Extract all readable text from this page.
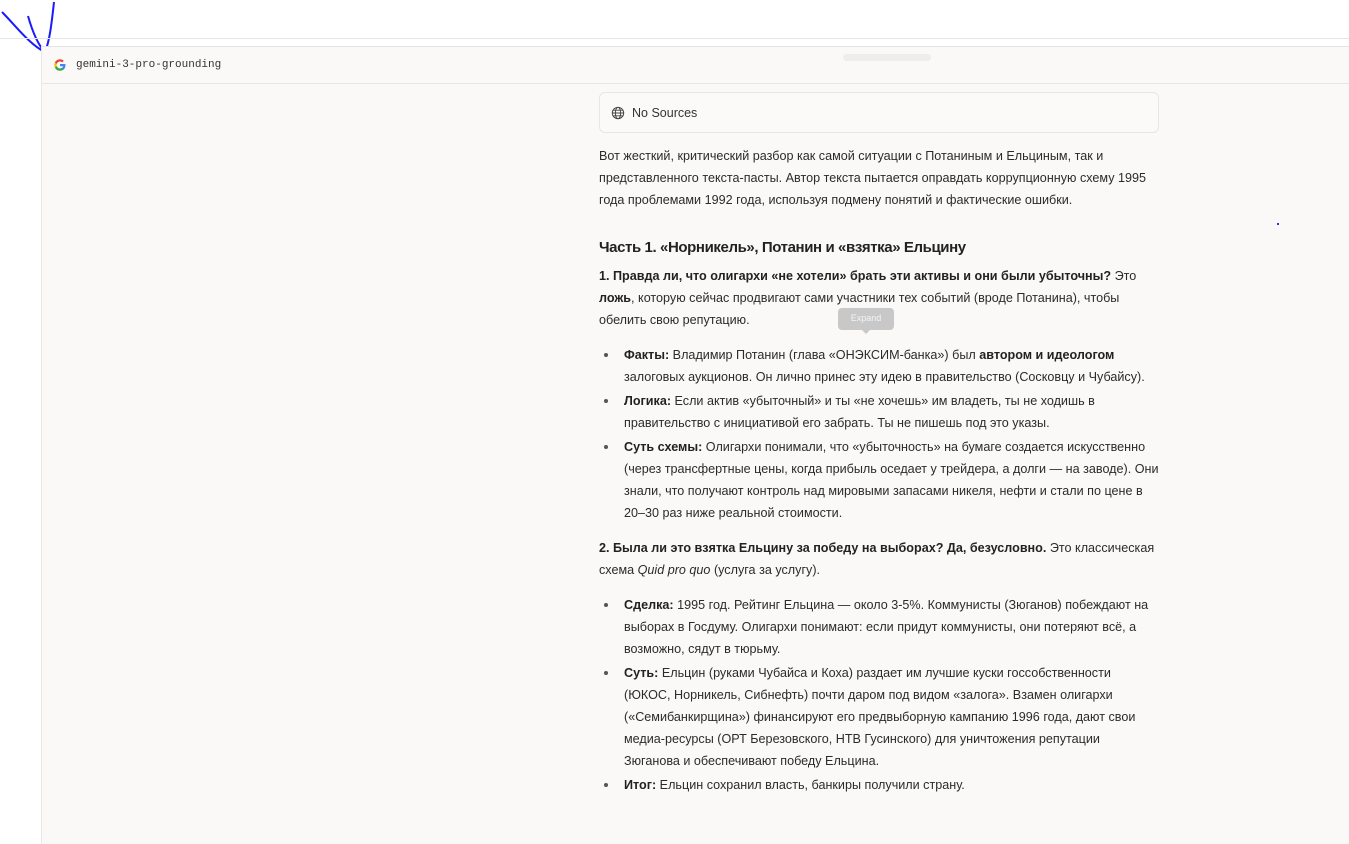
gemini-3-pro-grounding
No Sources

Вот жесткий, критический разбор как самой ситуации с Потаниным и Ельциным, так и представленного текста-пасты. Автор текста пытается оправдать коррупционную схему 1995 года проблемами 1992 года, используя подмену понятий и фактические ошибки.

Часть 1. «Норникель», Потанин и «взятка» Ельцину

1. Правда ли, что олигархи «не хотели» брать эти активы и они были убыточны? Это ложь, которую сейчас продвигают сами участники тех событий (вроде Потанина), чтобы обелить свою репутацию.

Факты: Владимир Потанин (глава «ОНЭКСИМ-банка») был автором и идеологом залоговых аукционов. Он лично принес эту идею в правительство (Сосковцу и Чубайсу).
Логика: Если актив «убыточный» и ты «не хочешь» им владеть, ты не ходишь в правительство с инициативой его забрать. Ты не пишешь под это указы.
Суть схемы: Олигархи понимали, что «убыточность» на бумаге создается искусственно (через трансфертные цены, когда прибыль оседает у трейдера, а долги — на заводе). Они знали, что получают контроль над мировыми запасами никеля, нефти и стали по цене в 20–30 раз ниже реальной стоимости.

2. Была ли это взятка Ельцину за победу на выборах? Да, безусловно. Это классическая схема Quid pro quo (услуга за услугу).

Сделка: 1995 год. Рейтинг Ельцина — около 3-5%. Коммунисты (Зюганов) побеждают на выборах в Госдуму. Олигархи понимают: если придут коммунисты, они потеряют всё, а возможно, сядут в тюрьму.
Суть: Ельцин (руками Чубайса и Коха) раздает им лучшие куски госсобственности (ЮКОС, Норникель, Сибнефть) почти даром под видом «залога». Взамен олигархи («Семибанкирщина») финансируют его предвыборную кампанию 1996 года, дают свои медиа-ресурсы (ОРТ Березовского, НТВ Гусинского) для уничтожения репутации Зюганова и обеспечивают победу Ельцина.
Итог: Ельцин сохранил власть, банкиры получили страну.
Expand
